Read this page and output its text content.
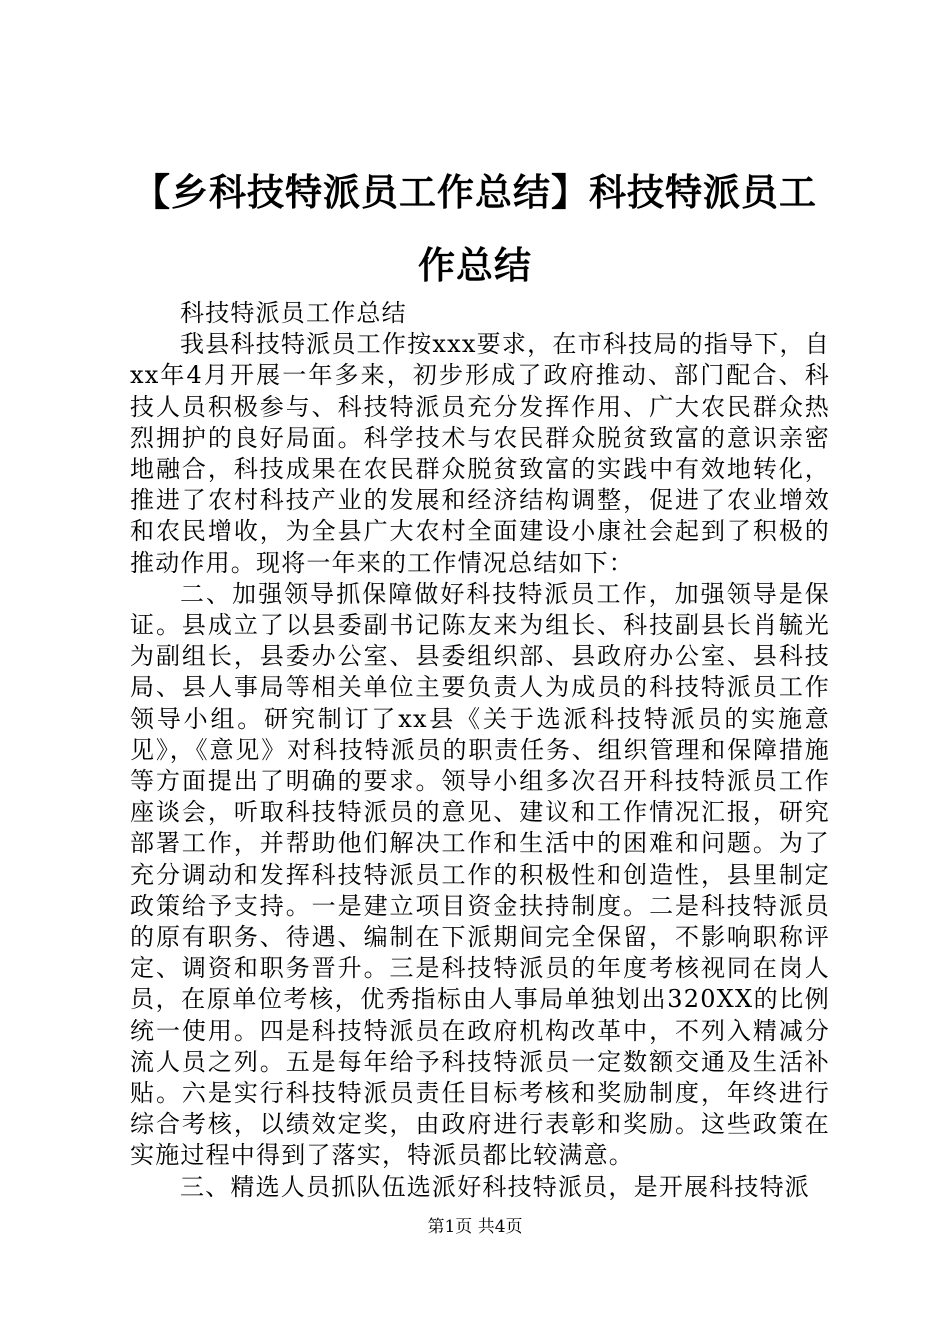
【乡科技特派员工作总结】科技特派员工作总结

科技特派员工作总结

我县科技特派员工作按xxx要求，在市科技局的指导下，自xx年4月开展一年多来，初步形成了政府推动、部门配合、科技人员积极参与、科技特派员充分发挥作用、广大农民群众热烈拥护的良好局面。科学技术与农民群众脱贫致富的意识亲密地融合，科技成果在农民群众脱贫致富的实践中有效地转化，推进了农村科技产业的发展和经济结构调整，促进了农业增效和农民增收，为全县广大农村全面建设小康社会起到了积极的推动作用。现将一年来的工作情况总结如下：

二、加强领导抓保障做好科技特派员工作，加强领导是保证。县成立了以县委副书记陈友来为组长、科技副县长肖毓光为副组长，县委办公室、县委组织部、县政府办公室、县科技局、县人事局等相关单位主要负责人为成员的科技特派员工作领导小组。研究制订了xx县《关于选派科技特派员的实施意见》，《意见》对科技特派员的职责任务、组织管理和保障措施等方面提出了明确的要求。领导小组多次召开科技特派员工作座谈会，听取科技特派员的意见、建议和工作情况汇报，研究部署工作，并帮助他们解决工作和生活中的困难和问题。为了充分调动和发挥科技特派员工作的积极性和创造性，县里制定政策给予支持。一是建立项目资金扶持制度。二是科技特派员的原有职务、待遇、编制在下派期间完全保留，不影响职称评定、调资和职务晋升。三是科技特派员的年度考核视同在岗人员，在原单位考核，优秀指标由人事局单独划出320XX的比例统一使用。四是科技特派员在政府机构改革中，不列入精减分流人员之列。五是每年给予科技特派员一定数额交通及生活补贴。六是实行科技特派员责任目标考核和奖励制度，年终进行综合考核，以绩效定奖，由政府进行表彰和奖励。这些政策在实施过程中得到了落实，特派员都比较满意。

三、精选人员抓队伍选派好科技特派员，是开展科技特派

第1页 共4页
